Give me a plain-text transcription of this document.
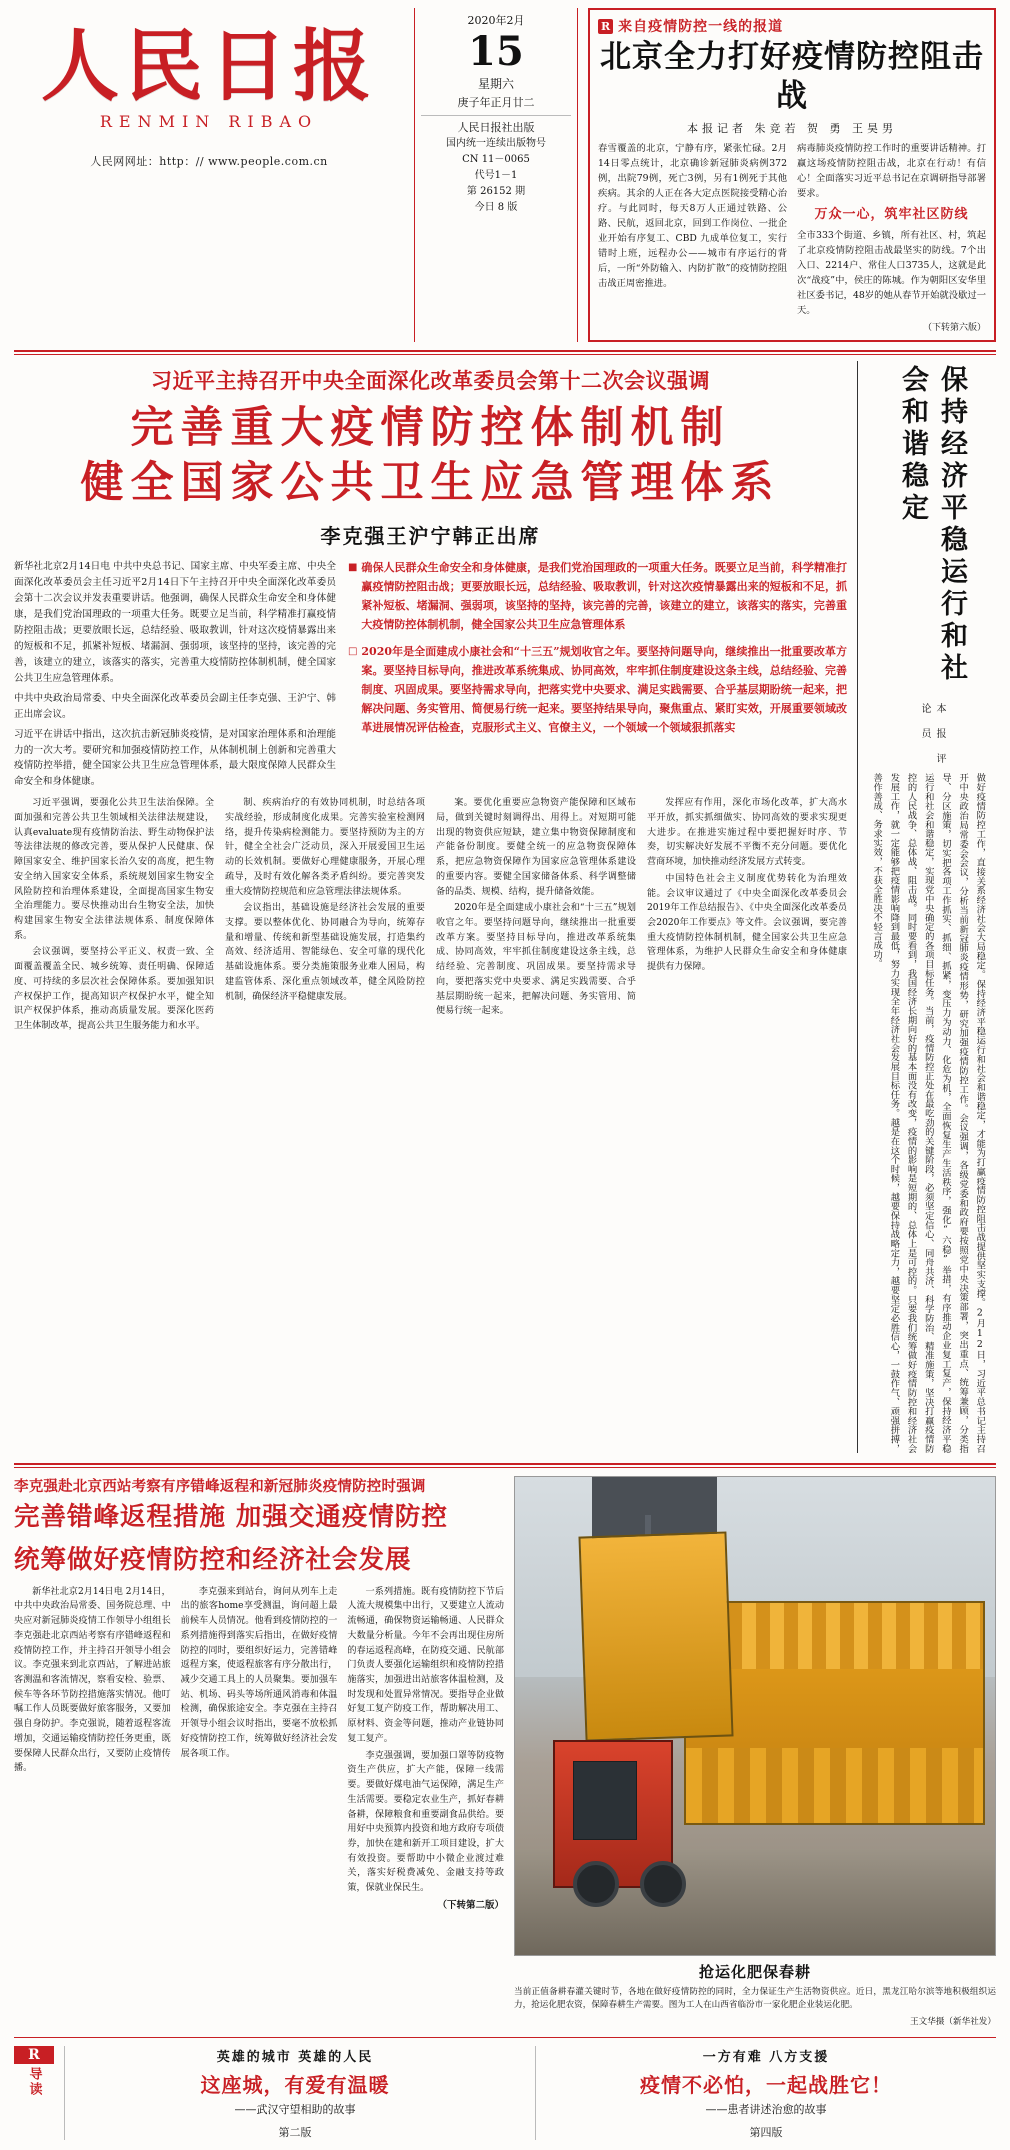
人民日报
RENMIN RIBAO
人民网网址：http：// www.people.com.cn
2020年2月
15
星期六
庚子年正月廿二
人民日报社出版
国内统一连续出版物号
CN 11－0065
代号1－1
第 26152 期
今日 8 版
R 来自疫情防控一线的报道
北京全力打好疫情防控阻击战
本报记者 朱竞若 贺 勇 王昊男
春雪覆盖的北京，宁静有序，紧张忙碌。2月14日零点统计，北京确诊新冠肺炎病例372例，出院79例，死亡3例，另有1例死于其他疾病。其余的人正在各大定点医院接受精心治疗。与此同时，每天8万人正通过铁路、公路、民航，返回北京，回到工作岗位、一批企业开始有序复工、CBD 九成单位复工，实行错时上班，远程办公——城市有序运行的背后，一所“外防输入、内防扩散”的疫情防控阻击战正周密推进。
病毒肺炎疫情防控工作时的重要讲话精神。打赢这场疫情防控阻击战，北京在行动！有信心！全面落实习近平总书记在京调研指导部署要求。
万众一心，筑牢社区防线
全市333个街道、乡镇，所有社区、村，筑起了北京疫情防控阻击战最坚实的防线。7个出入口、2214户、常住人口3735人，这就是此次“战疫”中，侯庄的陈城。作为朝阳区安华里社区委书记，48岁的她从春节开始就没歇过一天。
（下转第六版）
习近平主持召开中央全面深化改革委员会第十二次会议强调
完善重大疫情防控体制机制
健全国家公共卫生应急管理体系
李克强王沪宁韩正出席

新华社北京2月14日电 中共中央总书记、国家主席、中央军委主席、中央全面深化改革委员会主任习近平2月14日下午主持召开中央全面深化改革委员会第十二次会议并发表重要讲话。他强调，确保人民群众生命安全和身体健康，是我们党治国理政的一项重大任务。既要立足当前，科学精准打赢疫情防控阻击战；更要放眼长远，总结经验、吸取教训，针对这次疫情暴露出来的短板和不足，抓紧补短板、堵漏洞、强弱项，该坚持的坚持，该完善的完善，该建立的建立，该落实的落实，完善重大疫情防控体制机制，健全国家公共卫生应急管理体系。

中共中央政治局常委、中央全面深化改革委员会副主任李克强、王沪宁、韩正出席会议。

习近平在讲话中指出，这次抗击新冠肺炎疫情，是对国家治理体系和治理能力的一次大考。要研究和加强疫情防控工作，从体制机制上创新和完善重大疫情防控举措，健全国家公共卫生应急管理体系，最大限度保障人民群众生命安全和身体健康。

■ 确保人民群众生命安全和身体健康，是我们党治国理政的一项重大任务。既要立足当前，科学精准打赢疫情防控阻击战；更要放眼长远，总结经验、吸取教训，针对这次疫情暴露出来的短板和不足，抓紧补短板、堵漏洞、强弱项，该坚持的坚持，该完善的完善，该建立的建立，该落实的落实，完善重大疫情防控体制机制，健全国家公共卫生应急管理体系
□ 2020年是全面建成小康社会和“十三五”规划收官之年。要坚持问题导向，继续推出一批重要改革方案。要坚持目标导向，推进改革系统集成、协同高效，牢牢抓住制度建设这条主线，总结经验、完善制度、巩固成果。要坚持需求导向，把落实党中央要求、满足实践需要、合乎基层期盼统一起来，把解决问题、务实管用、简便易行统一起来。要坚持结果导向，聚焦重点、紧盯实效，开展重要领域改革进展情况评估检查，克服形式主义、官僚主义，一个领域一个领域狠抓落实

习近平强调，要强化公共卫生法治保障。全面加强和完善公共卫生领域相关法律法规建设，认真evaluate现有疫情防治法、野生动物保护法等法律法规的修改完善，要从保护人民健康、保障国家安全、维护国家长治久安的高度，把生物安全纳入国家安全体系，系统规划国家生物安全风险防控和治理体系建设，全面提高国家生物安全治理能力。要尽快推动出台生物安全法，加快构建国家生物安全法律法规体系、制度保障体系。

会议强调，要坚持公平正义、权责一致、全面覆盖覆盖全民、城乡统筹、责任明确、保障适度、可持续的多层次社会保障体系。要加强知识产权保护工作，提高知识产权保护水平，健全知识产权保护体系，推动高质量发展。要深化医药卫生体制改革，提高公共卫生服务能力和水平。

制、疾病治疗的有效协同机制，时总结各项实战经验，形成制度化成果。完善实验室检测网络，提升传染病检测能力。要坚持预防为主的方针，健全全社会广泛动员，深入开展爱国卫生运动的长效机制。要做好心理健康服务，开展心理疏导，及时有效化解各类矛盾纠纷。要完善突发重大疫情防控规范和应急管理法律法规体系。

会议指出，基础设施是经济社会发展的重要支撑。要以整体优化、协同融合为导向，统筹存量和增量、传统和新型基础设施发展，打造集约高效、经济适用、智能绿色、安全可靠的现代化基础设施体系。要分类施策服务业难人困局，构建监管体系、深化重点领域改革，健全风险防控机制，确保经济平稳健康发展。

案。要优化重要应急物资产能保障和区域布局，做到关键时刻调得出、用得上。对短期可能出现的物资供应短缺，建立集中物资保障制度和产能备份制度。要健全统一的应急物资保障体系，把应急物资保障作为国家应急管理体系建设的重要内容。要健全国家储备体系、科学调整储备的品类、规模、结构，提升储备效能。

2020年是全面建成小康社会和“十三五”规划收官之年。要坚持问题导向，继续推出一批重要改革方案。要坚持目标导向，推进改革系统集成、协同高效，牢牢抓住制度建设这条主线，总结经验、完善制度、巩固成果。要坚持需求导向，要把落实党中央要求、满足实践需要、合乎基层期盼统一起来，把解决问题、务实管用、简便易行统一起来。

发挥应有作用，深化市场化改革，扩大高水平开放，抓实抓细做实、协同高效的要求实现更大进步。在推进实施过程中要把握好时序、节奏，切实解决好发展不平衡不充分问题。要优化营商环境，加快推动经济发展方式转变。

中国特色社会主义制度优势转化为治理效能。会议审议通过了《中央全面深化改革委员会2019年工作总结报告》、《中央全面深化改革委员会2020年工作要点》等文件。会议强调，要完善重大疫情防控体制机制，健全国家公共卫生应急管理体系，为维护人民群众生命安全和身体健康提供有力保障。

保持经济平稳运行和社会和谐稳定
本 报 评 论 员
做好疫情防控工作，直接关系经济社会大局稳定。保持经济平稳运行和社会和谐稳定，才能为打赢疫情防控阻击战提供坚实支撑。2月12日，习近平总书记主持召开中央政治局常委会会议，分析当前新冠肺炎疫情形势，研究加强疫情防控工作。会议强调，各级党委和政府要按照党中央决策部署，突出重点、统筹兼顾，分类指导、分区施策，切实把各项工作抓实、抓细、抓紧，变压力为动力、化危为机，全面恢复生产生活秩序，强化“六稳”举措，有序推动企业复工复产，保持经济平稳运行和社会和谐稳定，实现党中央确定的各项目标任务。当前，疫情防控正处在最吃劲的关键阶段，必须坚定信心、同舟共济、科学防治、精准施策，坚决打赢疫情防控的人民战争、总体战、阻击战。同时要看到，我国经济长期向好的基本面没有改变，疫情的影响是短期的、总体上是可控的。只要我们统筹做好疫情防控和经济社会发展工作，就一定能够把疫情影响降到最低，努力实现全年经济社会发展目标任务。越是在这个时候，越要保持战略定力，越要坚定必胜信心，一鼓作气、顽强拼搏，善作善成、务求实效，不获全胜决不轻言成功。
李克强赴北京西站考察有序错峰返程和新冠肺炎疫情防控时强调
完善错峰返程措施 加强交通疫情防控
统筹做好疫情防控和经济社会发展

新华社北京2月14日电 2月14日，中共中央政治局常委、国务院总理、中央应对新冠肺炎疫情工作领导小组组长李克强赴北京西站考察有序错峰返程和疫情防控工作，并主持召开领导小组会议。李克强来到北京西站，了解进站旅客测温和客流情况，察看安检、验票、候车等各环节防控措施落实情况。他叮嘱工作人员既要做好旅客服务，又要加强自身防护。李克强说，随着返程客流增加，交通运输疫情防控任务更重，既要保障人民群众出行，又要防止疫情传播。

李克强来到站台，询问从列车上走出的旅客home享受测温，询问超上最前候车人员情况。他看到疫情防控的一系列措施得到落实后指出，在做好疫情防控的同时，要组织好运力，完善错峰返程方案，使返程旅客有序分散出行，减少交通工具上的人员聚集。要加强车站、机场、码头等场所通风消毒和体温检测，确保旅途安全。李克强在主持召开领导小组会议时指出，要毫不放松抓好疫情防控工作，统筹做好经济社会发展各项工作。

一系列措施。既有疫情防控下节后人流大规模集中出行，又要建立人流动流畅通，确保物资运输畅通、人民群众大数量分析量。今年不会再出现住房所的春运返程高峰，在防疫交通、民航部门负责人要强化运输组织和疫情防控措施落实，加强进出站旅客体温检测，及时发现和处置异常情况。要指导企业做好复工复产防疫工作，帮助解决用工、原材料、资金等问题，推动产业链协同复工复产。

李克强强调，要加强口罩等防疫物资生产供应，扩大产能，保障一线需要。要做好煤电油气运保障，满足生产生活需要。要稳定农业生产，抓好春耕备耕，保障粮食和重要副食品供给。要用好中央预算内投资和地方政府专项债券，加快在建和新开工项目建设，扩大有效投资。要帮助中小微企业渡过难关，落实好税费减免、金融支持等政策，保就业保民生。

（下转第二版）
抢运化肥保春耕
当前正值备耕春灌关键时节，各地在做好疫情防控的同时，全力保证生产生活物资供应。近日，黑龙江哈尔滨等地积极组织运力，抢运化肥农资，保障春耕生产需要。图为工人在山西省临汾市一家化肥企业装运化肥。
王文华摄（新华社发）
R
导读
英雄的城市 英雄的人民
这座城，有爱有温暖
——武汉守望相助的故事
第二版
一方有难 八方支援
疫情不必怕，一起战胜它！
——患者讲述治愈的故事
第四版
